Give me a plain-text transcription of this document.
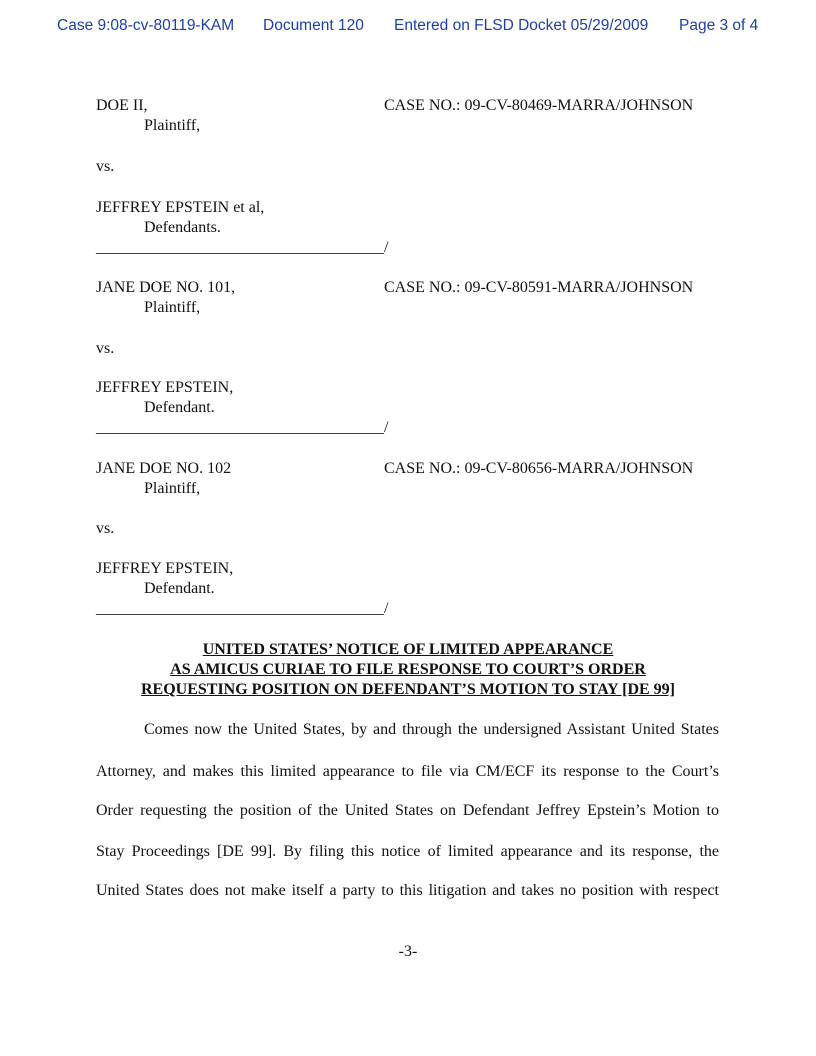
Case 9:08-cv-80119-KAM Document 120 Entered on FLSD Docket 05/29/2009 Page 3 of 4
DOE II,	CASE NO.: 09-CV-80469-MARRA/JOHNSON
Plaintiff,
vs.
JEFFREY EPSTEIN et al,
Defendants.
____________________________________/
JANE DOE NO. 101,	CASE NO.: 09-CV-80591-MARRA/JOHNSON
Plaintiff,
vs.
JEFFREY EPSTEIN,
Defendant.
____________________________________/
JANE DOE NO. 102	CASE NO.: 09-CV-80656-MARRA/JOHNSON
Plaintiff,
vs.
JEFFREY EPSTEIN,
Defendant.
____________________________________/
UNITED STATES’ NOTICE OF LIMITED APPEARANCE
AS AMICUS CURIAE TO FILE RESPONSE TO COURT’S ORDER
REQUESTING POSITION ON DEFENDANT’S MOTION TO STAY [DE 99]
Comes now the United States, by and through the undersigned Assistant United States
Attorney, and makes this limited appearance to file via CM/ECF its response to the Court’s
Order requesting the position of the United States on Defendant Jeffrey Epstein’s Motion to
Stay Proceedings [DE 99]. By filing this notice of limited appearance and its response, the
United States does not make itself a party to this litigation and takes no position with respect
-3-
